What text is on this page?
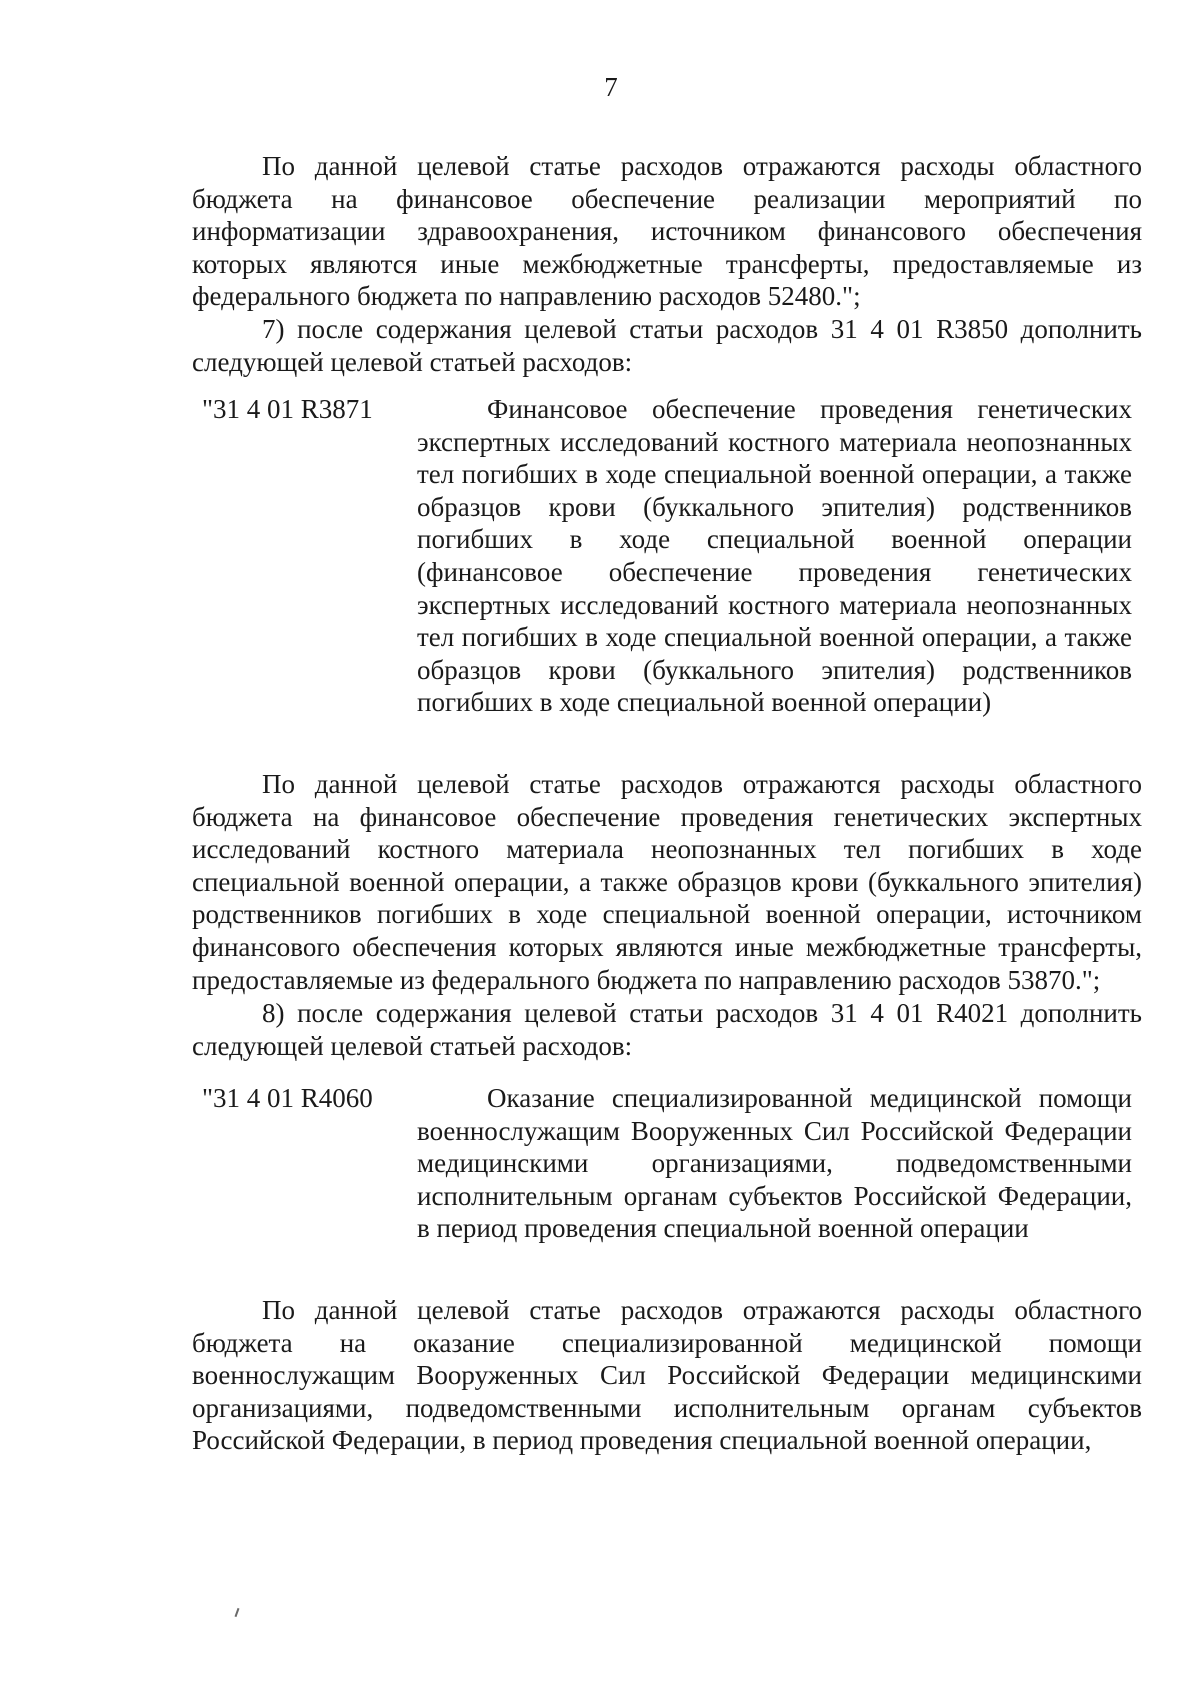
7

По данной целевой статье расходов отражаются расходы областного бюджета на финансовое обеспечение реализации мероприятий по информатизации здравоохранения, источником финансового обеспечения которых являются иные межбюджетные трансферты, предоставляемые из федерального бюджета по направлению расходов 52480.";

7) после содержания целевой статьи расходов 31 4 01 R3850 дополнить следующей целевой статьей расходов:

"31 4 01 R3871	Финансовое обеспечение проведения генетических экспертных исследований костного материала неопознанных тел погибших в ходе специальной военной операции, а также образцов крови (буккального эпителия) родственников погибших в ходе специальной военной операции (финансовое обеспечение проведения генетических экспертных исследований костного материала неопознанных тел погибших в ходе специальной военной операции, а также образцов крови (буккального эпителия) родственников погибших в ходе специальной военной операции)

По данной целевой статье расходов отражаются расходы областного бюджета на финансовое обеспечение проведения генетических экспертных исследований костного материала неопознанных тел погибших в ходе специальной военной операции, а также образцов крови (буккального эпителия) родственников погибших в ходе специальной военной операции, источником финансового обеспечения которых являются иные межбюджетные трансферты, предоставляемые из федерального бюджета по направлению расходов 53870.";

8) после содержания целевой статьи расходов 31 4 01 R4021 дополнить следующей целевой статьей расходов:

"31 4 01 R4060	Оказание специализированной медицинской помощи военнослужащим Вооруженных Сил Российской Федерации медицинскими организациями, подведомственными исполнительным органам субъектов Российской Федерации, в период проведения специальной военной операции

По данной целевой статье расходов отражаются расходы областного бюджета на оказание специализированной медицинской помощи военнослужащим Вооруженных Сил Российской Федерации медицинскими организациями, подведомственными исполнительным органам субъектов Российской Федерации, в период проведения специальной военной операции,
